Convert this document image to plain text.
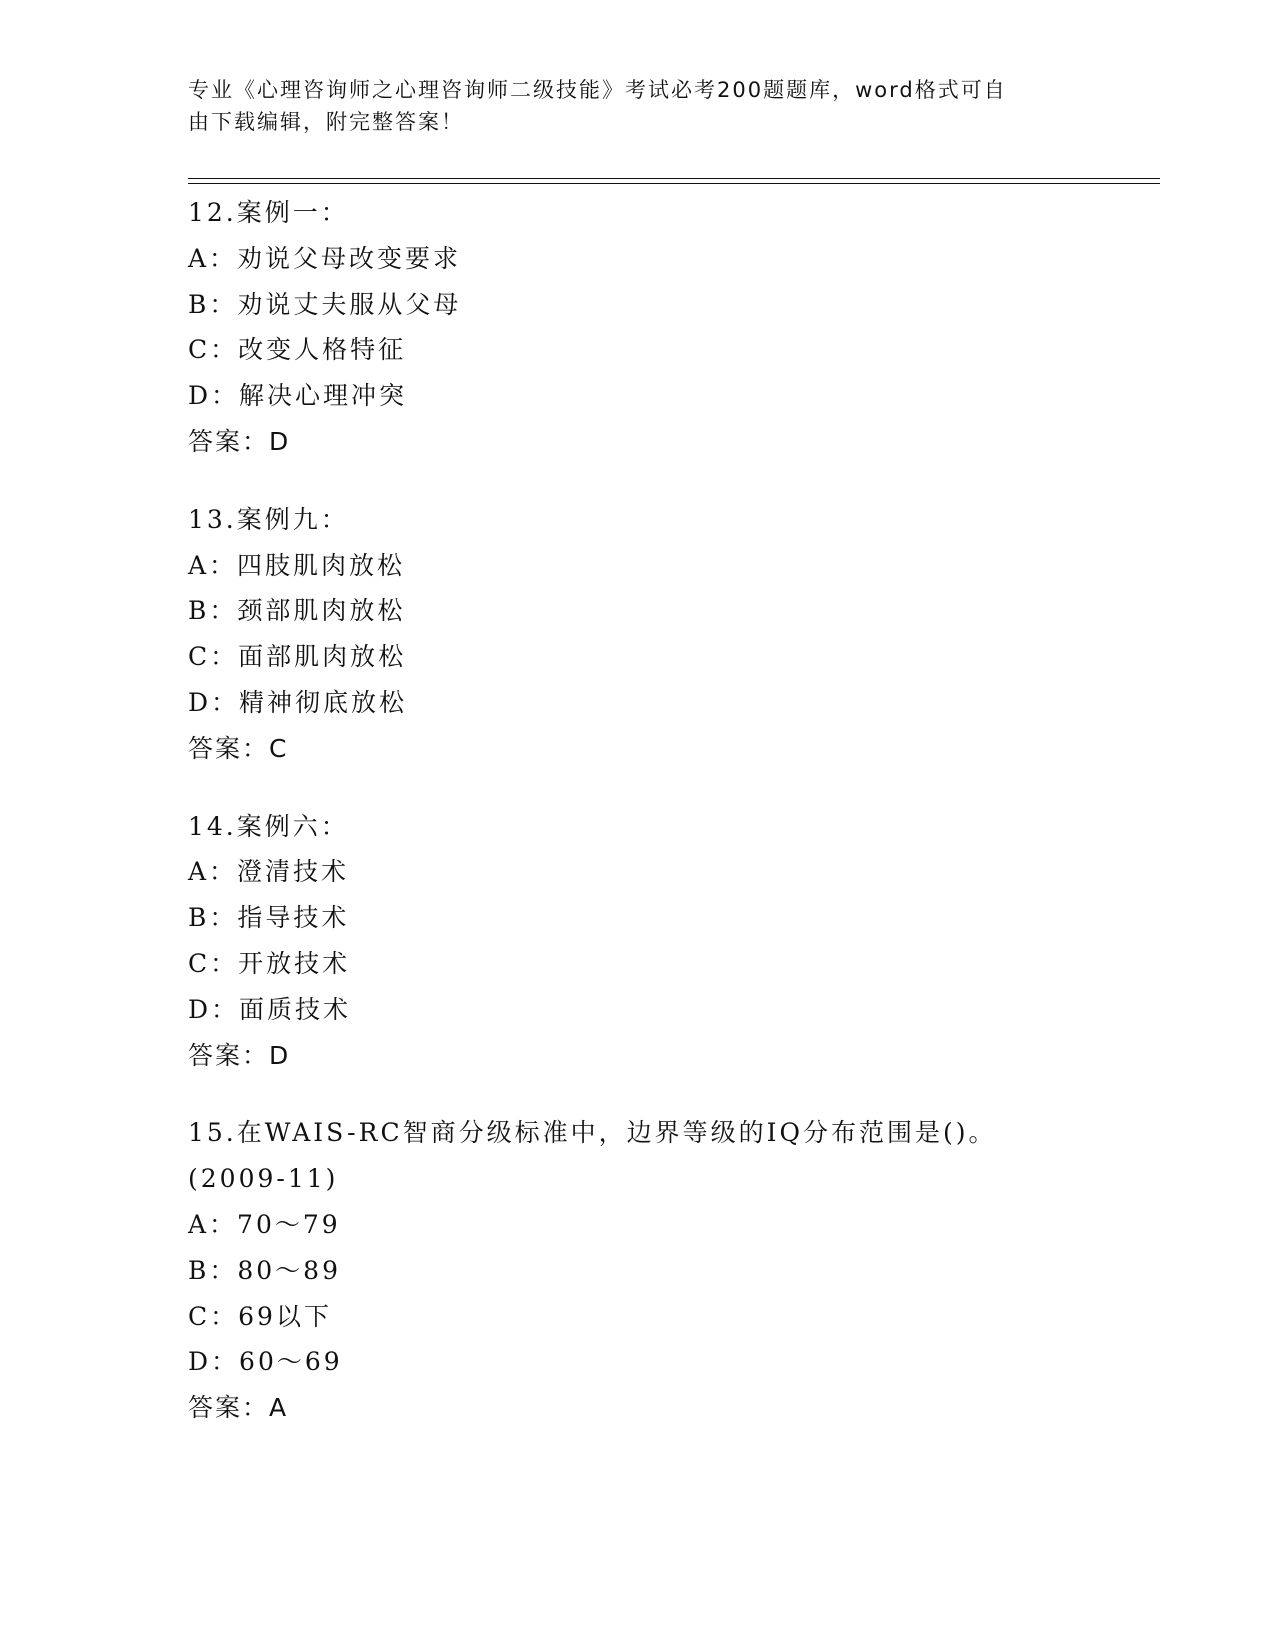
专业《心理咨询师之心理咨询师二级技能》考试必考200题题库，word格式可自
由下载编辑，附完整答案！
12.案例一：
A：劝说父母改变要求
B：劝说丈夫服从父母
C：改变人格特征
D：解决心理冲突
答案：D
13.案例九：
A：四肢肌肉放松
B：颈部肌肉放松
C：面部肌肉放松
D：精神彻底放松
答案：C
14.案例六：
A：澄清技术
B：指导技术
C：开放技术
D：面质技术
答案：D
15.在WAIS-RC智商分级标准中，边界等级的IQ分布范围是()。
(2009-11)
A：70～79
B：80～89
C：69以下
D：60～69
答案：A
